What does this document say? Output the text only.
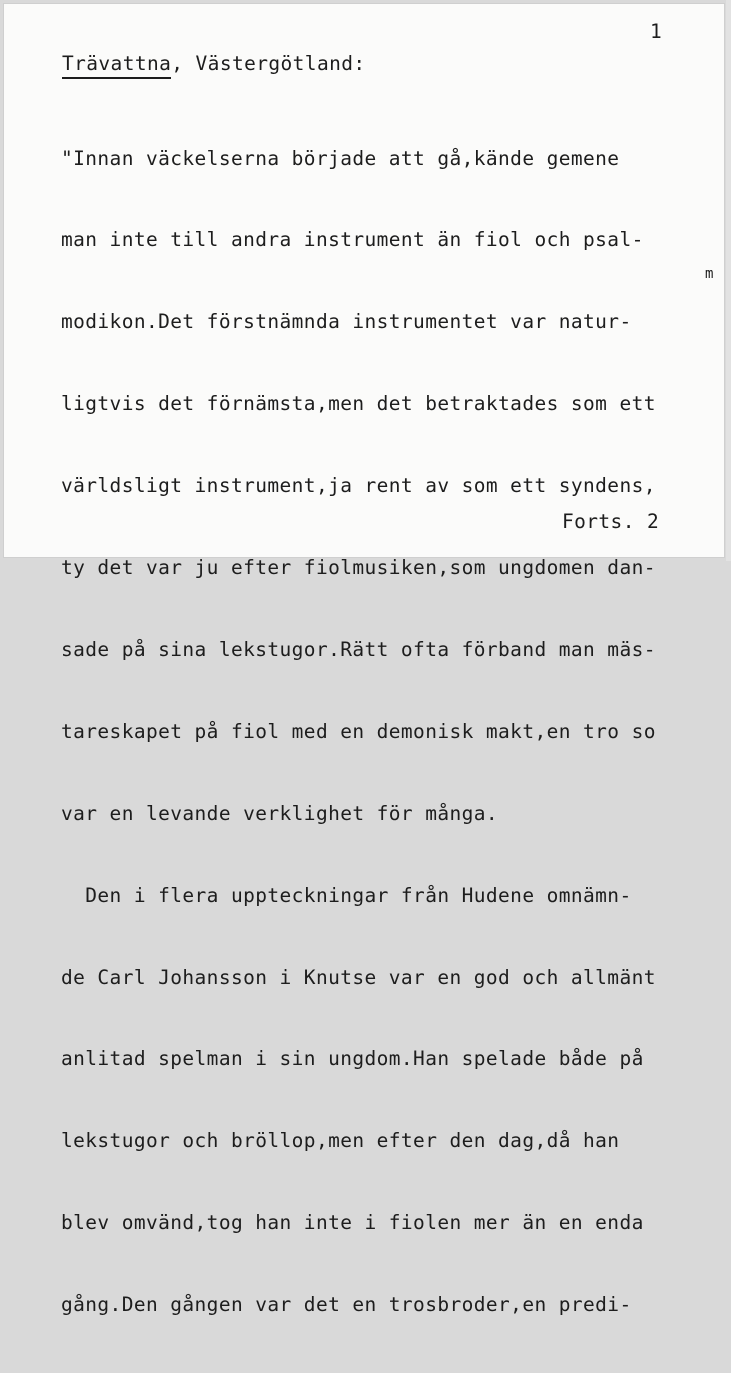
1
Trävattna, Västergötland:

"Innan väckelserna började att gå,kände gemene

man inte till andra instrument än fiol och psal-

modikon.Det förstnämnda instrumentet var natur-

ligtvis det förnämsta,men det betraktades som ett

världsligt instrument,ja rent av som ett syndens,

ty det var ju efter fiolmusiken,som ungdomen dan-

sade på sina lekstugor.Rätt ofta förband man mäs-

tareskapet på fiol med en demonisk makt,en tro so

var en levande verklighet för många.

Den i flera uppteckningar från Hudene omnämn-

de Carl Johansson i Knutse var en god och allmänt

anlitad spelman i sin ungdom.Han spelade både på

lekstugor och bröllop,men efter den dag,då han

blev omvänd,tog han inte i fiolen mer än en enda

gång.Den gången var det en trosbroder,en predi-

m
Forts. 2
